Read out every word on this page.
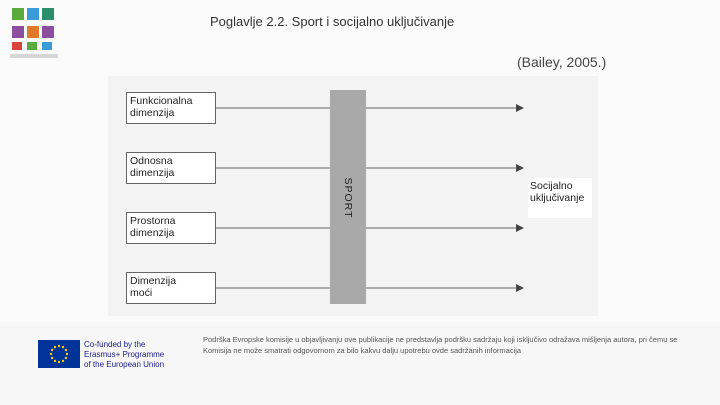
Poglavlje 2.2. Sport i socijalno uključivanje
(Bailey, 2005.)
Funkcionalna
dimenzija
Odnosna
dimenzija
Prostorna
dimenzija
Dimenzija
moći
SPORT	Socijalno
uključivanje
Co-funded by the
Erasmus+ Programme
of the European Union
Podrška Evropske komisije u objavljivanju ove publikacije ne predstavlja podršku sadržaju koji isključivo odražava mišljenja autora, pri čemu se Komisija ne može smatrati odgovornom za bilo kakvu dalju upotrebu ovde sadržanih informacija
